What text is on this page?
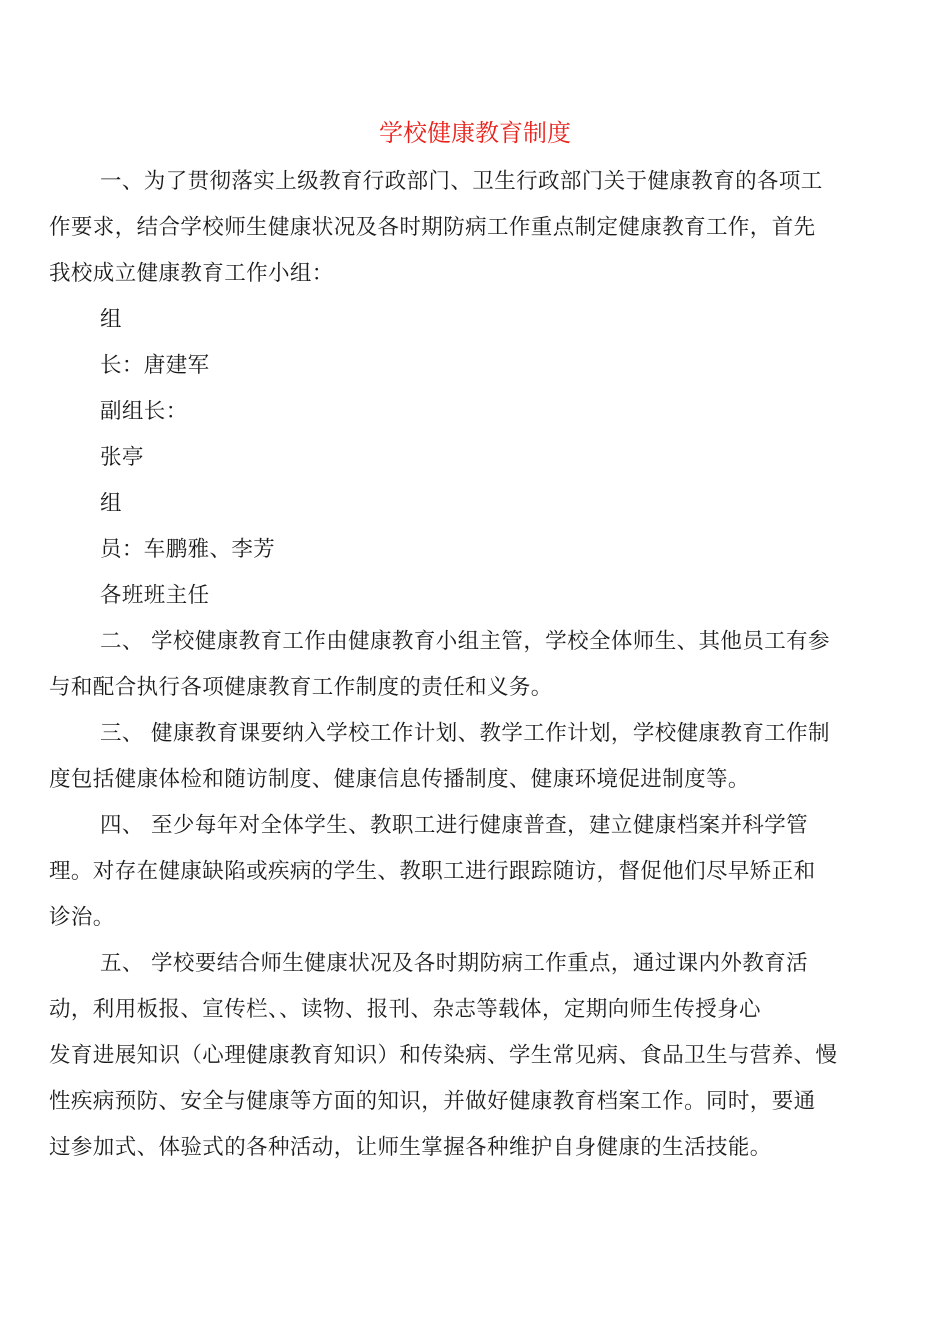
学校健康教育制度
一、为了贯彻落实上级教育行政部门、卫生行政部门关于健康教育的各项工
作要求，结合学校师生健康状况及各时期防病工作重点制定健康教育工作，首先
我校成立健康教育工作小组：
组
长：唐建军
副组长：
张亭
组
员：车鹏雅、李芳
各班班主任
二、 学校健康教育工作由健康教育小组主管，学校全体师生、其他员工有参
与和配合执行各项健康教育工作制度的责任和义务。
三、 健康教育课要纳入学校工作计划、教学工作计划，学校健康教育工作制
度包括健康体检和随访制度、健康信息传播制度、健康环境促进制度等。
四、 至少每年对全体学生、教职工进行健康普查，建立健康档案并科学管
理。对存在健康缺陷或疾病的学生、教职工进行跟踪随访，督促他们尽早矫正和
诊治。
五、 学校要结合师生健康状况及各时期防病工作重点，通过课内外教育活
动，利用板报、宣传栏、、读物、报刊、杂志等载体，定期向师生传授身心
发育进展知识（心理健康教育知识）和传染病、学生常见病、食品卫生与营养、慢
性疾病预防、安全与健康等方面的知识，并做好健康教育档案工作。同时，要通
过参加式、体验式的各种活动，让师生掌握各种维护自身健康的生活技能。
